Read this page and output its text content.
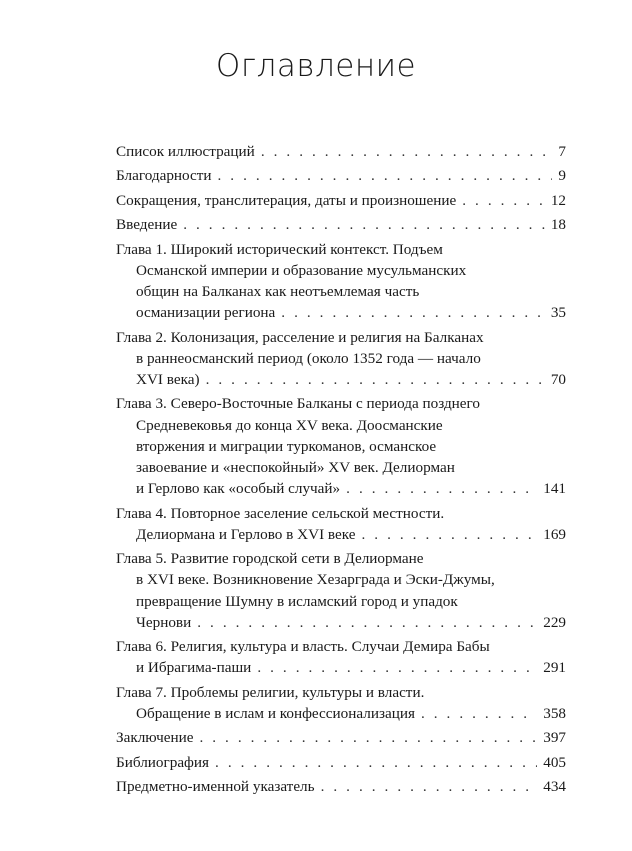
Оглавление
Список иллюстраций . . .	7
Благодарности . . .	9
Сокращения, транслитерация, даты и произношение . . .	12
Введение . . .	18
Глава 1. Широкий исторический контекст. Подъем
Османской империи и образование мусульманских
общин на Балканах как неотъемлемая часть
османизации региона . . .	35
Глава 2. Колонизация, расселение и религия на Балканах
в раннеосманский период (около 1352 года — начало
XVI века) . . .	70
Глава 3. Северо-Восточные Балканы с периода позднего
Средневековья до конца XV века. Доосманские
вторжения и миграции туркоманов, османское
завоевание и «неспокойный» XV век. Делиорман
и Герлово как «особый случай» . . .	141
Глава 4. Повторное заселение сельской местности.
Делиормана и Герлово в XVI веке . . .	169
Глава 5. Развитие городской сети в Делиормане
в XVI веке. Возникновение Хезарграда и Эски-Джумы,
превращение Шумну в исламский город и упадок
Чернови . . .	229
Глава 6. Религия, культура и власть. Случаи Демира Бабы
и Ибрагима-паши . . .	291
Глава 7. Проблемы религии, культуры и власти.
Обращение в ислам и конфессионализация . . .	358
Заключение . . .	397
Библиография . . .	405
Предметно-именной указатель . . .	434
